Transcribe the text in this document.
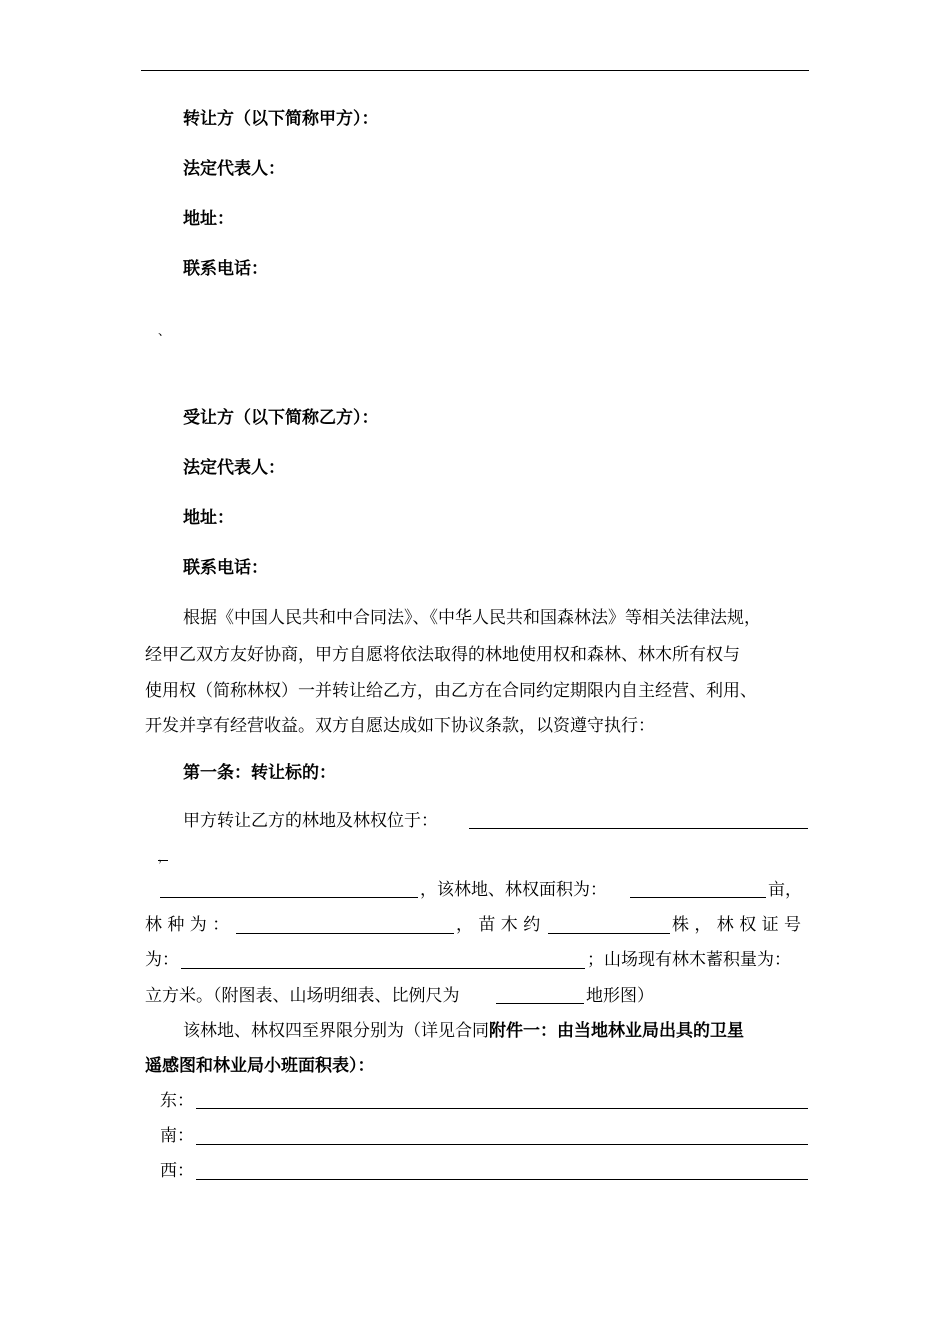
转让方（以下简称甲方）：
法定代表人：
地址：
联系电话：
、
受让方（以下简称乙方）：
法定代表人：
地址：
联系电话：
根据《中国人民共和中合同法》、《中华人民共和国森林法》等相关法律法规，
经甲乙双方友好协商，甲方自愿将依法取得的林地使用权和森林、林木所有权与
使用权（简称林权）一并转让给乙方，由乙方在合同约定期限内自主经营、利用、
开发并享有经营收益。双方自愿达成如下协议条款，以资遵守执行：
第一条：转让标的：
甲方转让乙方的林地及林权位于：
，
，该林地、林权面积为：	亩，
林 种 为 ：	， 苗 木 约	株 ， 林 权 证 号
为：	；山场现有林木蓄积量为：
立方米。（附图表、山场明细表、比例尺为	地形图）
该林地、林权四至界限分别为（详见合同附件一：由当地林业局出具的卫星
遥感图和林业局小班面积表）：
东：
南：
西：
